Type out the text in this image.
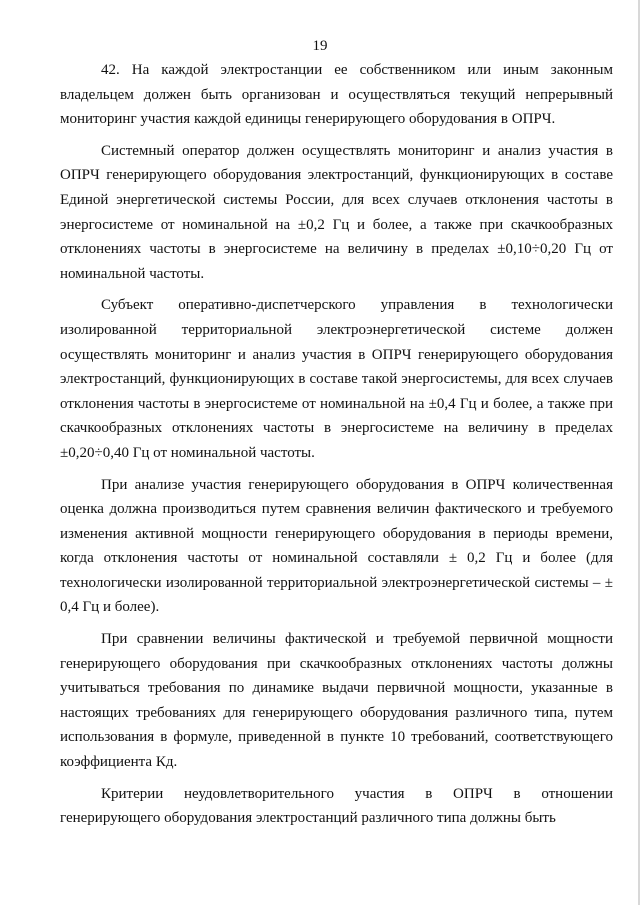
19

42. На каждой электростанции ее собственником или иным законным владельцем должен быть организован и осуществляться текущий непрерывный мониторинг участия каждой единицы генерирующего оборудования в ОПРЧ.

Системный оператор должен осуществлять мониторинг и анализ участия в ОПРЧ генерирующего оборудования электростанций, функционирующих в составе Единой энергетической системы России, для всех случаев отклонения частоты в энергосистеме от номинальной на ±0,2 Гц и более, а также при скачкообразных отклонениях частоты в энергосистеме на величину в пределах ±0,10÷0,20 Гц от номинальной частоты.

Субъект оперативно-диспетчерского управления в технологически изолированной территориальной электроэнергетической системе должен осуществлять мониторинг и анализ участия в ОПРЧ генерирующего оборудования электростанций, функционирующих в составе такой энергосистемы, для всех случаев отклонения частоты в энергосистеме от номинальной на ±0,4 Гц и более, а также при скачкообразных отклонениях частоты в энергосистеме на величину в пределах ±0,20÷0,40 Гц от номинальной частоты.

При анализе участия генерирующего оборудования в ОПРЧ количественная оценка должна производиться путем сравнения величин фактического и требуемого изменения активной мощности генерирующего оборудования в периоды времени, когда отклонения частоты от номинальной составляли ± 0,2 Гц и более (для технологически изолированной территориальной электроэнергетической системы – ± 0,4 Гц и более).

При сравнении величины фактической и требуемой первичной мощности генерирующего оборудования при скачкообразных отклонениях частоты должны учитываться требования по динамике выдачи первичной мощности, указанные в настоящих требованиях для генерирующего оборудования различного типа, путем использования в формуле, приведенной в пункте 10 требований, соответствующего коэффициента Кд.

Критерии неудовлетворительного участия в ОПРЧ в отношении генерирующего оборудования электростанций различного типа должны быть
